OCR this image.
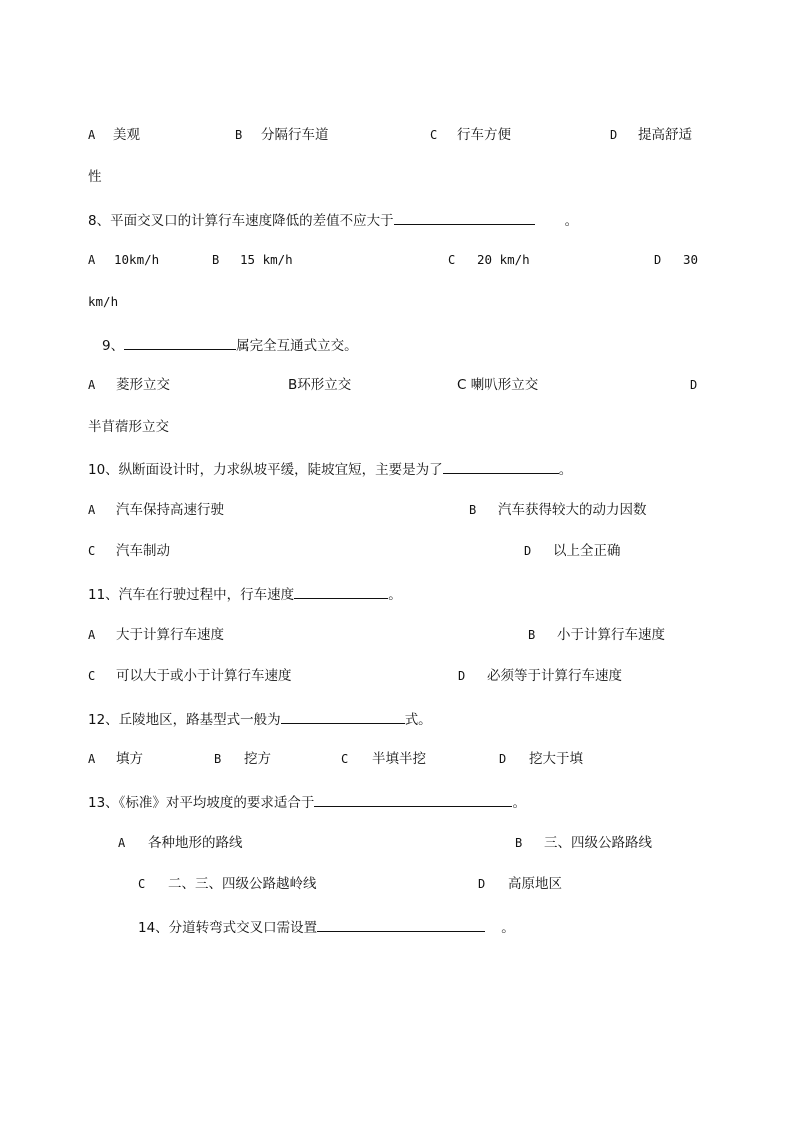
A 美观	B 分隔行车道	C 行车方便	D 提高舒适
性
8、平面交叉口的计算行车速度降低的差值不应大于	。
A 10km/h	B 15 km/h	C 20 km/h	D 30
km/h
9、	属完全互通式立交。
A 菱形立交	B环形立交	C 喇叭形立交	D
半苜蓿形立交
10、纵断面设计时，力求纵坡平缓，陡坡宜短，主要是为了	。
A 汽车保持高速行驶	B 汽车获得较大的动力因数
C 汽车制动	D 以上全正确
11、汽车在行驶过程中，行车速度	。
A 大于计算行车速度	B 小于计算行车速度
C 可以大于或小于计算行车速度	D 必须等于计算行车速度
12、丘陵地区，路基型式一般为	式。
A 填方	B 挖方	C 半填半挖	D 挖大于填
13、《标准》对平均坡度的要求适合于	。
A 各种地形的路线	B 三、四级公路路线
C 二、三、四级公路越岭线	D 高原地区
14、分道转弯式交叉口需设置	。
